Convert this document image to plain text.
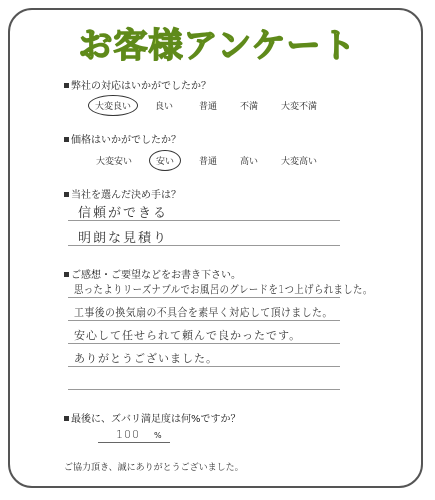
お客様アンケート
弊社の対応はいかがでしたか？
大変良い	良い	普通	不満	大変不満
価格はいかがでしたか？
大変安い	安い	普通	高い	大変高い
当社を選んだ決め手は？
信頼ができる
明朗な見積り
ご感想・ご要望などをお書き下さい。
思ったよりリーズナブルでお風呂のグレードを1つ上げられました。
工事後の換気扇の不具合を素早く対応して頂けました。
安心して任せられて頼んで良かったです。
ありがとうございました。
最後に、ズバリ満足度は何%ですか？
100 %
ご協力頂き、誠にありがとうございました。
